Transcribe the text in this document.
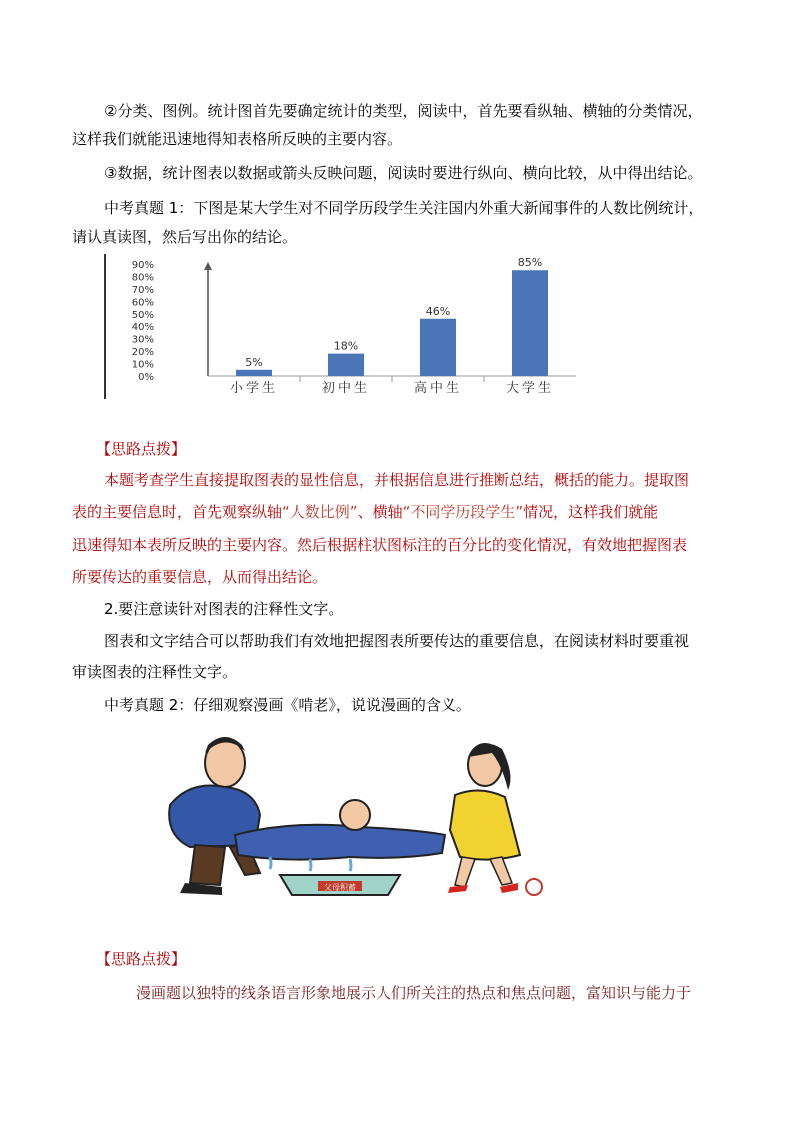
②分类、图例。统计图首先要确定统计的类型，阅读中，首先要看纵轴、横轴的分类情况，
这样我们就能迅速地得知表格所反映的主要内容。
③数据，统计图表以数据或箭头反映问题，阅读时要进行纵向、横向比较，从中得出结论。
中考真题 1：下图是某大学生对不同学历段学生关注国内外重大新闻事件的人数比例统计，
请认真读图，然后写出你的结论。
0%
10%
20%
30%
40%
50%
60%
70%
80%
90%
5%
小学生
18%
初中生
46%
高中生
85%
大学生
【思路点拨】
本题考查学生直接提取图表的显性信息，并根据信息进行推断总结，概括的能力。提取图
表的主要信息时，首先观察纵轴“人数比例”、横轴“不同学历段学生”情况，这样我们就能
迅速得知本表所反映的主要内容。然后根据柱状图标注的百分比的变化情况，有效地把握图表
所要传达的重要信息，从而得出结论。
2.要注意读针对图表的注释性文字。
图表和文字结合可以帮助我们有效地把握图表所要传达的重要信息，在阅读材料时要重视
审读图表的注释性文字。
中考真题 2：仔细观察漫画《啃老》，说说漫画的含义。
父母积蓄
【思路点拨】
漫画题以独特的线条语言形象地展示人们所关注的热点和焦点问题，富知识与能力于
